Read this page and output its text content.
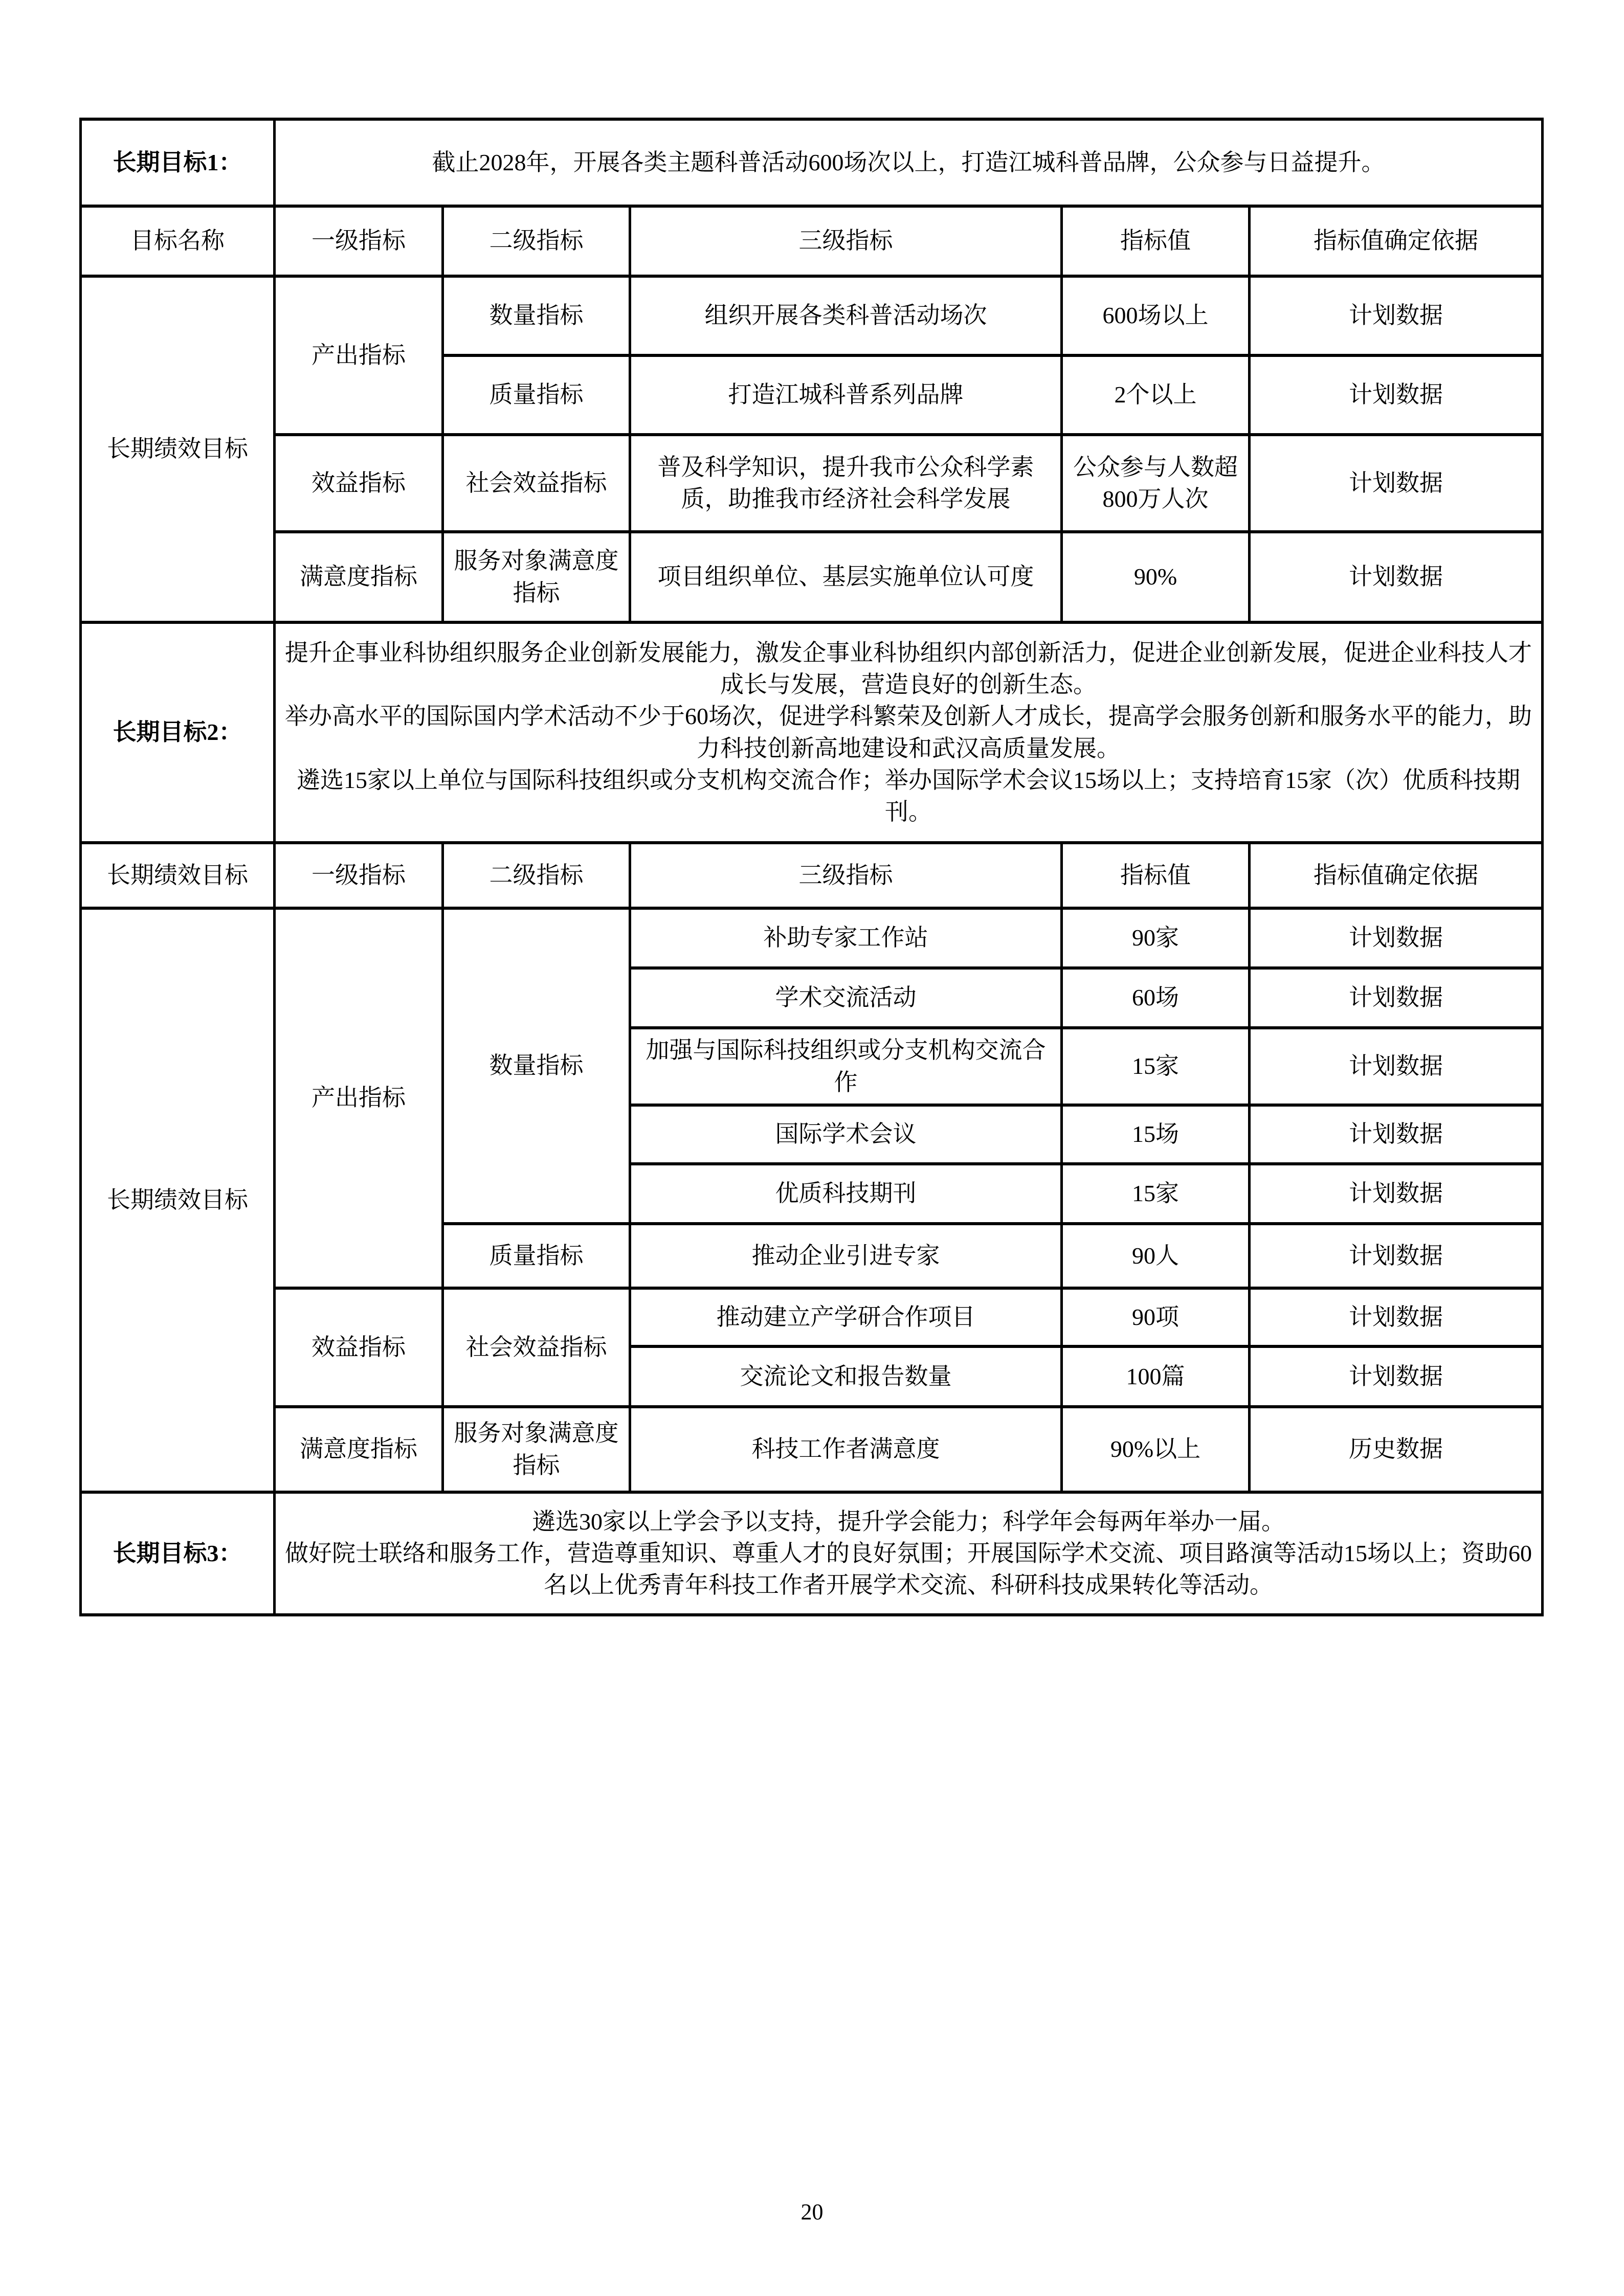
长期目标1：	截止2028年，开展各类主题科普活动600场次以上，打造江城科普品牌，公众参与日益提升。				
目标名称	一级指标	二级指标	三级指标	指标值	指标值确定依据
长期绩效目标	产出指标	数量指标	组织开展各类科普活动场次	600场以上	计划数据
		质量指标	打造江城科普系列品牌	2个以上	计划数据
	效益指标	社会效益指标	普及科学知识，提升我市公众科学素质，助推我市经济社会科学发展	公众参与人数超800万人次	计划数据
	满意度指标	服务对象满意度指标	项目组织单位、基层实施单位认可度	90%	计划数据
长期目标2：	提升企事业科协组织服务企业创新发展能力，激发企事业科协组织内部创新活力，促进企业创新发展，促进企业科技人才成长与发展，营造良好的创新生态。
举办高水平的国际国内学术活动不少于60场次，促进学科繁荣及创新人才成长，提高学会服务创新和服务水平的能力，助力科技创新高地建设和武汉高质量发展。
遴选15家以上单位与国际科技组织或分支机构交流合作；举办国际学术会议15场以上；支持培育15家（次）优质科技期刊。				

长期绩效目标	一级指标	二级指标	三级指标	指标值	指标值确定依据
长期绩效目标	产出指标	数量指标	补助专家工作站	90家	计划数据
			学术交流活动	60场	计划数据
			加强与国际科技组织或分支机构交流合作	15家	计划数据
			国际学术会议	15场	计划数据
			优质科技期刊	15家	计划数据
		质量指标	推动企业引进专家	90人	计划数据
	效益指标	社会效益指标	推动建立产学研合作项目	90项	计划数据
			交流论文和报告数量	100篇	计划数据
	满意度指标	服务对象满意度指标	科技工作者满意度	90%以上	历史数据
长期目标3：	遴选30家以上学会予以支持，提升学会能力；科学年会每两年举办一届。
做好院士联络和服务工作，营造尊重知识、尊重人才的良好氛围；开展国际学术交流、项目路演等活动15场以上；资助60名以上优秀青年科技工作者开展学术交流、科研科技成果转化等活动。				
20
